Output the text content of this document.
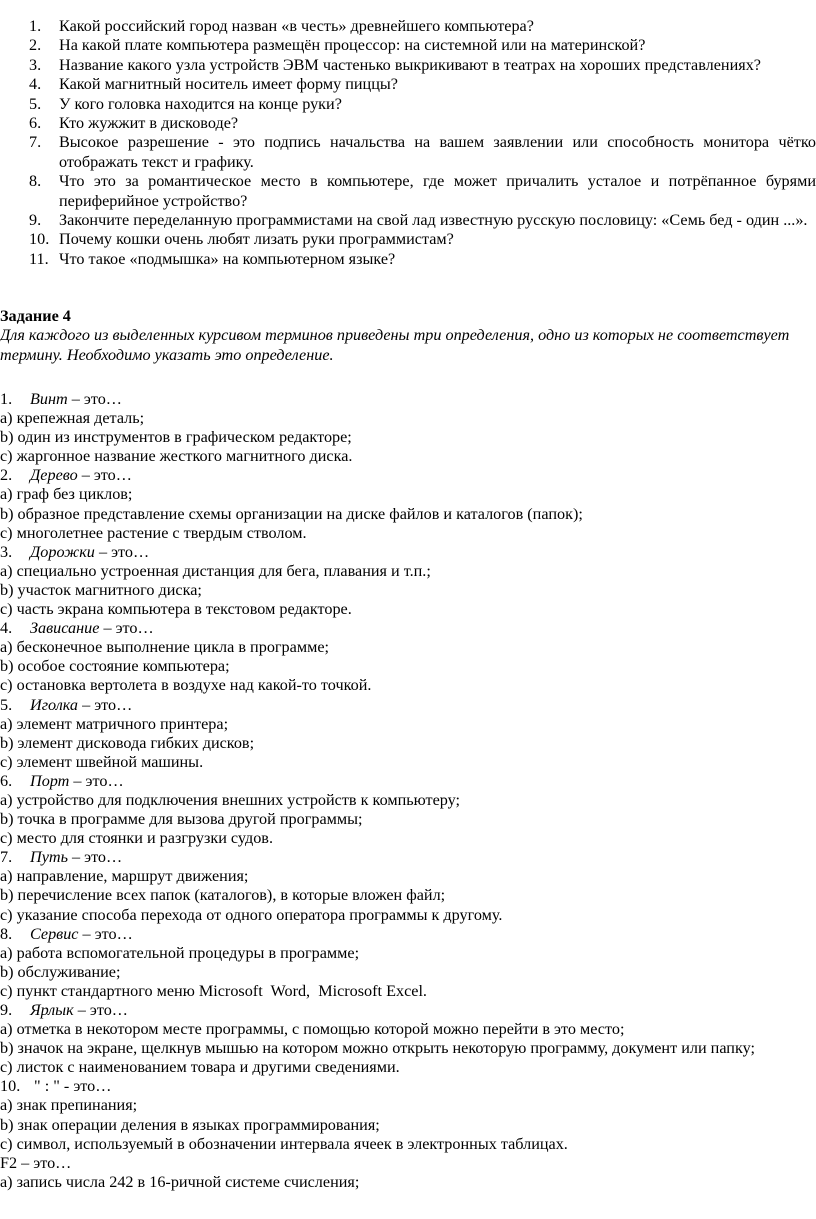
1. Какой российский город назван «в честь» древнейшего компьютера?
2. На какой плате компьютера размещён процессор: на системной или на материнской?
3. Название какого узла устройств ЭВМ частенько выкрикивают в театрах на хороших представлениях?
4. Какой магнитный носитель имеет форму пиццы?
5. У кого головка находится на конце руки?
6. Кто жужжит в дисководе?
7. Высокое разрешение - это подпись начальства на вашем заявлении или способность монитора чётко отображать текст и графику.
8. Что это за романтическое место в компьютере, где может причалить усталое и потрёпанное бурями периферийное устройство?
9. Закончите переделанную программистами на свой лад известную русскую пословицу: «Семь бед - один ...».
10. Почему кошки очень любят лизать руки программистам?
11. Что такое «подмышка» на компьютерном языке?
Задание 4
Для каждого из выделенных курсивом терминов приведены три определения, одно из которых не соответствует термину. Необходимо указать это определение.
1. Винт – это…
a) крепежная деталь;
b) один из инструментов в графическом редакторе;
c) жаргонное название жесткого магнитного диска.
2. Дерево – это…
a) граф без циклов;
b) образное представление схемы организации на диске файлов и каталогов (папок);
c) многолетнее растение с твердым стволом.
3. Дорожки – это…
a) специально устроенная дистанция для бега, плавания и т.п.;
b) участок магнитного диска;
c) часть экрана компьютера в текстовом редакторе.
4. Зависание – это…
a) бесконечное выполнение цикла в программе;
b) особое состояние компьютера;
c) остановка вертолета в воздухе над какой-то точкой.
5. Иголка – это…
a) элемент матричного принтера;
b) элемент дисковода гибких дисков;
c) элемент швейной машины.
6. Порт – это…
a) устройство для подключения внешних устройств к компьютеру;
b) точка в программе для вызова другой программы;
c) место для стоянки и разгрузки судов.
7. Путь – это…
a) направление, маршрут движения;
b) перечисление всех папок (каталогов), в которые вложен файл;
c) указание способа перехода от одного оператора программы к другому.
8. Сервис – это…
a) работа вспомогательной процедуры в программе;
b) обслуживание;
c) пункт стандартного меню Microsoft  Word,  Microsoft Excel.
9. Ярлык – это…
a) отметка в некотором месте программы, с помощью которой можно перейти в это место;
b) значок на экране, щелкнув мышью на котором можно открыть некоторую программу, документ или папку;
c) листок с наименованием товара и другими сведениями.
10. " : " - это…
a) знак препинания;
b) знак операции деления в языках программирования;
c) символ, используемый в обозначении интервала ячеек в электронных таблицах.
F2 – это…
a) запись числа 242 в 16-ричной системе счисления;
